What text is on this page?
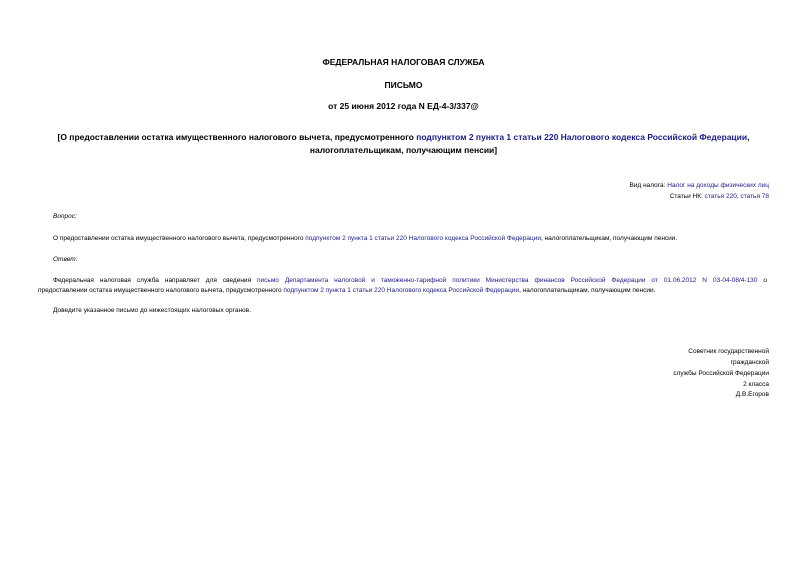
ФЕДЕРАЛЬНАЯ НАЛОГОВАЯ СЛУЖБА
ПИСЬМО
от 25 июня 2012 года N ЕД-4-3/337@
[О предоставлении остатка имущественного налогового вычета, предусмотренного подпунктом 2 пункта 1 статьи 220 Налогового кодекса Российской Федерации,
налогоплательщикам, получающим пенсии]
Вид налога: Налог на доходы физических лиц
Статьи НК: статья 220, статья 78
Вопрос:
О предоставлении остатка имущественного налогового вычета, предусмотренного подпунктом 2 пункта 1 статьи 220 Налогового кодекса Российской Федерации, налогоплательщикам, получающим пенсии.
Ответ:
Федеральная налоговая служба направляет для сведения письмо Департамента налоговой и таможенно-тарифной политики Министерства финансов Российской Федерации от 01.06.2012 N 03-04-08/4-130 о
предоставлении остатка имущественного налогового вычета, предусмотренного подпунктом 2 пункта 1 статьи 220 Налогового кодекса Российской Федерации, налогоплательщикам, получающим пенсии.
Доведите указанное письмо до нижестоящих налоговых органов.
Советник государственной
гражданской
службы Российской Федерации
2 класса
Д.В.Егоров
